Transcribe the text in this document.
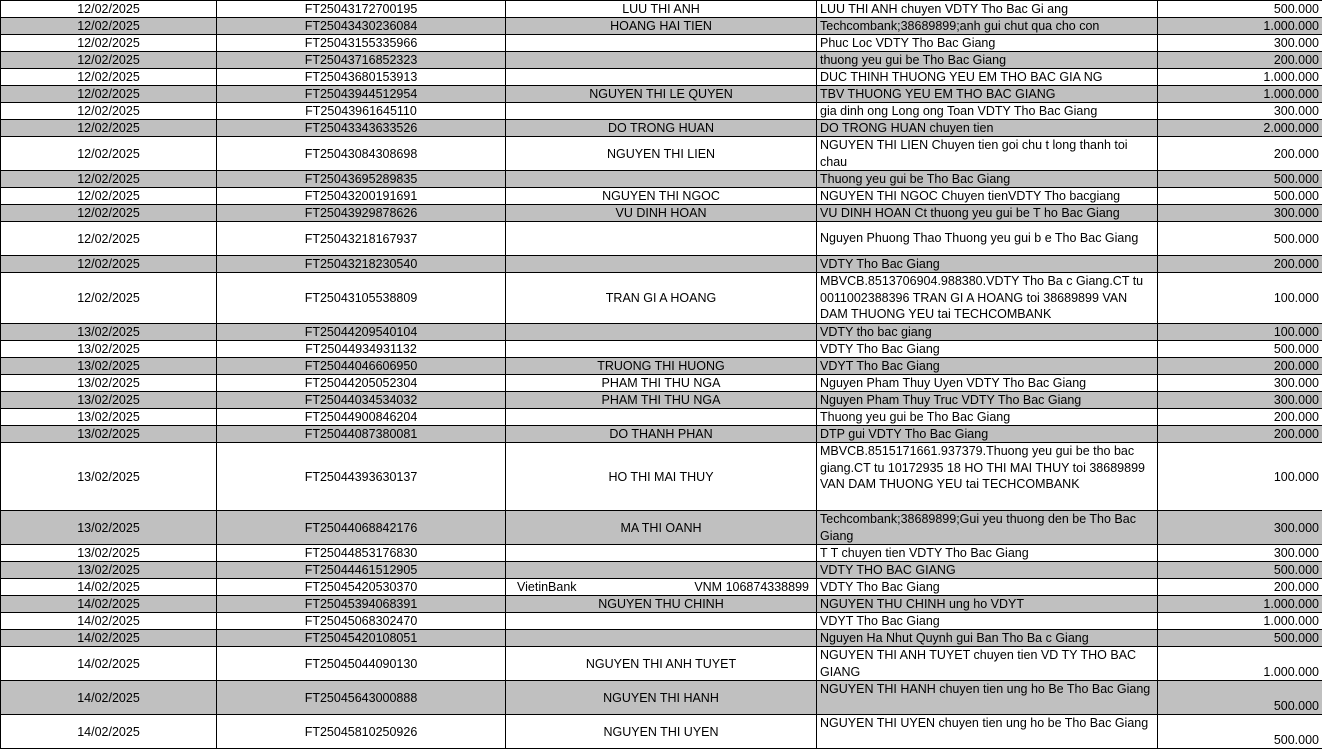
12/02/2025	FT25043172700195	LUU THI ANH	LUU THI ANH chuyen VDTY Tho Bac Gi ang	500.000
12/02/2025	FT25043430236084	HOANG HAI TIEN	Techcombank;38689899;anh gui chut qua cho con	1.000.000
12/02/2025	FT25043155335966		Phuc Loc VDTY Tho Bac Giang	300.000
12/02/2025	FT25043716852323		thuong yeu gui be Tho Bac Giang	200.000
12/02/2025	FT25043680153913		DUC THINH THUONG YEU EM THO BAC GIA NG	1.000.000
12/02/2025	FT25043944512954	NGUYEN THI LE QUYEN	TBV THUONG YEU EM THO BAC GIANG	1.000.000
12/02/2025	FT25043961645110		gia dinh ong Long ong Toan VDTY Tho Bac Giang	300.000
12/02/2025	FT25043343633526	DO TRONG HUAN	DO TRONG HUAN chuyen tien	2.000.000
12/02/2025	FT25043084308698	NGUYEN THI LIEN	NGUYEN THI LIEN Chuyen tien goi chu t long thanh toi chau	200.000
12/02/2025	FT25043695289835		Thuong yeu gui be Tho Bac Giang	500.000
12/02/2025	FT25043200191691	NGUYEN THI NGOC	NGUYEN THI NGOC Chuyen tienVDTY Tho bacgiang	500.000
12/02/2025	FT25043929878626	VU DINH HOAN	VU DINH HOAN Ct thuong yeu gui be T ho Bac Giang	300.000
12/02/2025	FT25043218167937		Nguyen Phuong Thao Thuong yeu gui b e Tho Bac Giang	500.000
12/02/2025	FT25043218230540		VDTY Tho Bac Giang	200.000
12/02/2025	FT25043105538809	TRAN GI A HOANG	MBVCB.8513706904.988380.VDTY Tho Ba c Giang.CT tu 0011002388396 TRAN GI A HOANG toi 38689899 VAN DAM THUONG YEU tai TECHCOMBANK	100.000
13/02/2025	FT25044209540104		VDTY tho bac giang	100.000
13/02/2025	FT25044934931132		VDTY Tho Bac Giang	500.000
13/02/2025	FT25044046606950	TRUONG THI HUONG	VDYT Tho Bac Giang	200.000
13/02/2025	FT25044205052304	PHAM THI THU NGA	Nguyen Pham Thuy Uyen VDTY Tho Bac Giang	300.000
13/02/2025	FT25044034534032	PHAM THI THU NGA	Nguyen Pham Thuy Truc VDTY Tho Bac Giang	300.000
13/02/2025	FT25044900846204		Thuong yeu gui be Tho Bac Giang	200.000
13/02/2025	FT25044087380081	DO THANH PHAN	DTP gui VDTY Tho Bac Giang	200.000
13/02/2025	FT25044393630137	HO THI MAI THUY	MBVCB.8515171661.937379.Thuong yeu gui be tho bac giang.CT tu 10172935 18 HO THI MAI THUY toi 38689899 VAN DAM THUONG YEU tai TECHCOMBANK	100.000
13/02/2025	FT25044068842176	MA THI OANH	Techcombank;38689899;Gui yeu thuong den be Tho Bac Giang	300.000
13/02/2025	FT25044853176830		T T chuyen tien VDTY Tho Bac Giang	300.000
13/02/2025	FT25044461512905		VDTY THO BAC GIANG	500.000
14/02/2025	FT25045420530370	VietinBank VNM 106874338899	VDTY Tho Bac Giang	200.000
14/02/2025	FT25045394068391	NGUYEN THU CHINH	NGUYEN THU CHINH ung ho VDYT	1.000.000
14/02/2025	FT25045068302470		VDYT Tho Bac Giang	1.000.000
14/02/2025	FT25045420108051		Nguyen Ha Nhut Quynh gui Ban Tho Ba c Giang	500.000
14/02/2025	FT25045044090130	NGUYEN THI ANH TUYET	NGUYEN THI ANH TUYET chuyen tien VD TY THO BAC GIANG	1.000.000
14/02/2025	FT25045643000888	NGUYEN THI HANH	NGUYEN THI HANH chuyen tien ung ho Be Tho Bac Giang	500.000
14/02/2025	FT25045810250926	NGUYEN THI UYEN	NGUYEN THI UYEN chuyen tien ung ho be Tho Bac Giang	500.000
